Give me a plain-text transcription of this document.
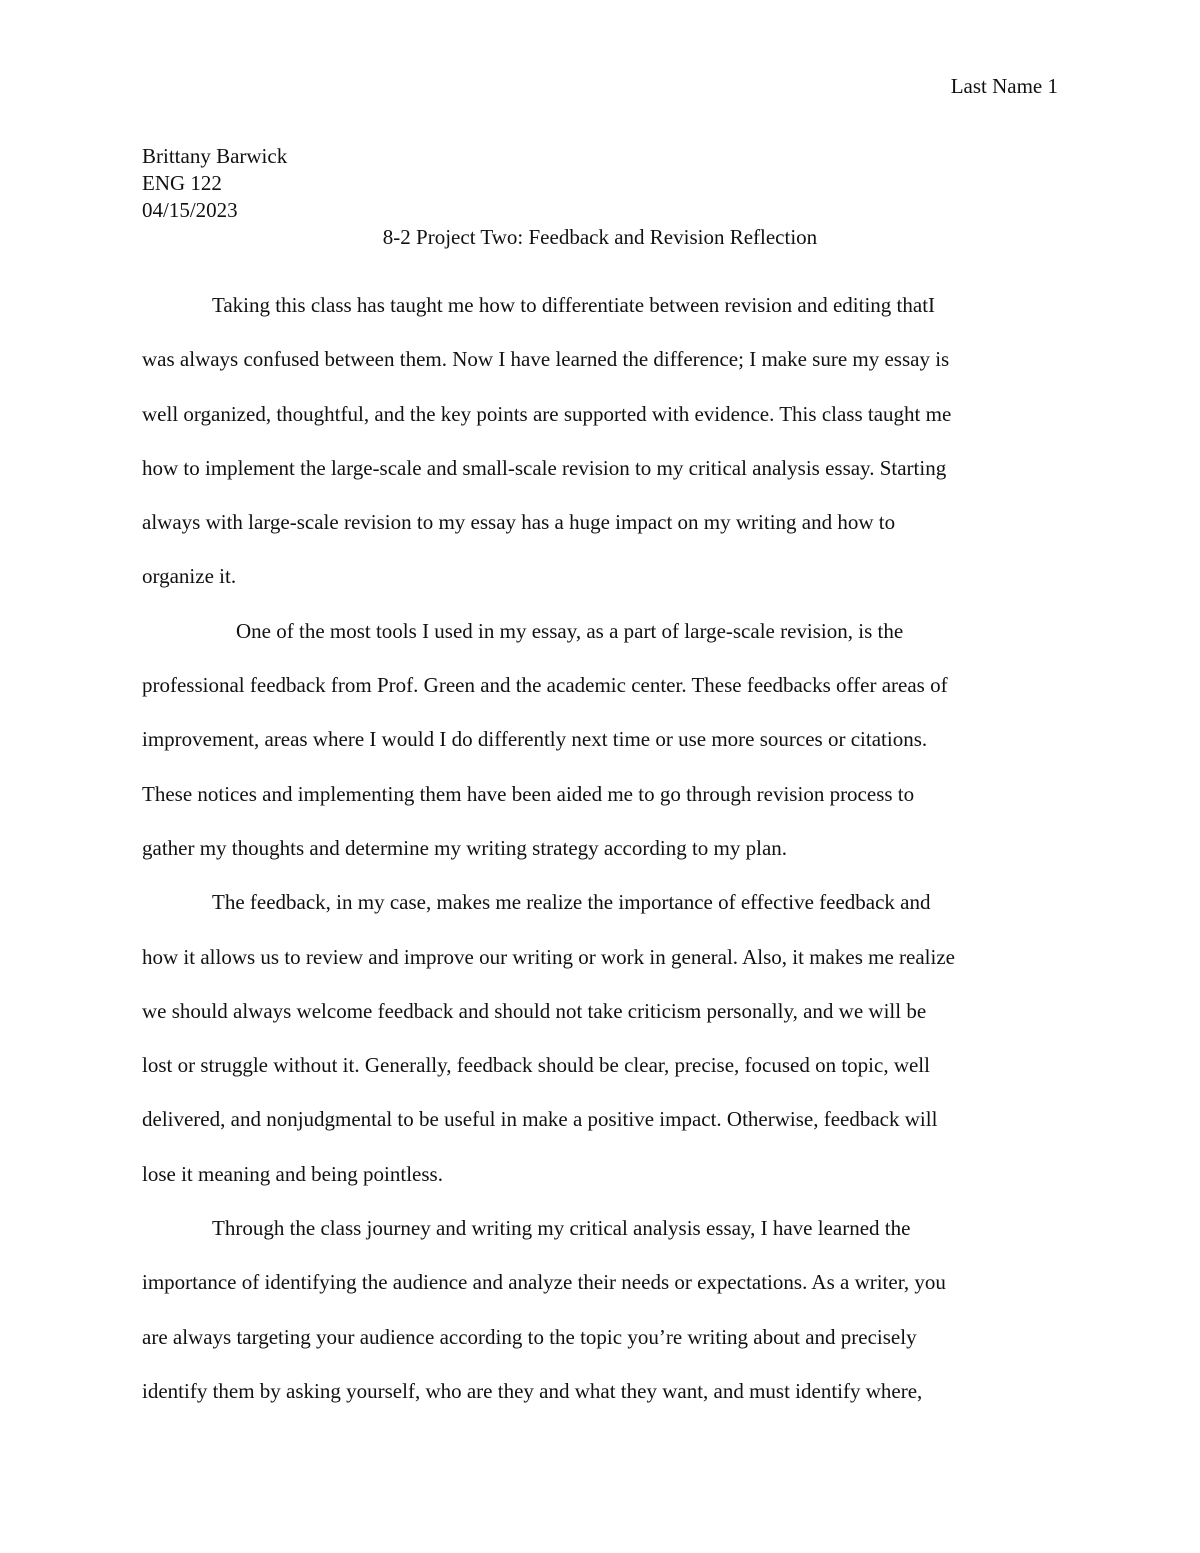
Last Name 1
Brittany Barwick
ENG 122
04/15/2023
8-2 Project Two: Feedback and Revision Reflection
Taking this class has taught me how to differentiate between revision and editing thatI
was always confused between them. Now I have learned the difference; I make sure my essay is
well organized, thoughtful, and the key points are supported with evidence. This class taught me
how to implement the large-scale and small-scale revision to my critical analysis essay. Starting
always with large-scale revision to my essay has a huge impact on my writing and how to
organize it.
One of the most tools I used in my essay, as a part of large-scale revision, is the
professional feedback from Prof. Green and the academic center. These feedbacks offer areas of
improvement, areas where I would I do differently next time or use more sources or citations.
These notices and implementing them have been aided me to go through revision process to
gather my thoughts and determine my writing strategy according to my plan.
The feedback, in my case, makes me realize the importance of effective feedback and
how it allows us to review and improve our writing or work in general. Also, it makes me realize
we should always welcome feedback and should not take criticism personally, and we will be
lost or struggle without it. Generally, feedback should be clear, precise, focused on topic, well
delivered, and nonjudgmental to be useful in make a positive impact. Otherwise, feedback will
lose it meaning and being pointless.
Through the class journey and writing my critical analysis essay, I have learned the
importance of identifying the audience and analyze their needs or expectations. As a writer, you
are always targeting your audience according to the topic you’re writing about and precisely
identify them by asking yourself, who are they and what they want, and must identify where,
